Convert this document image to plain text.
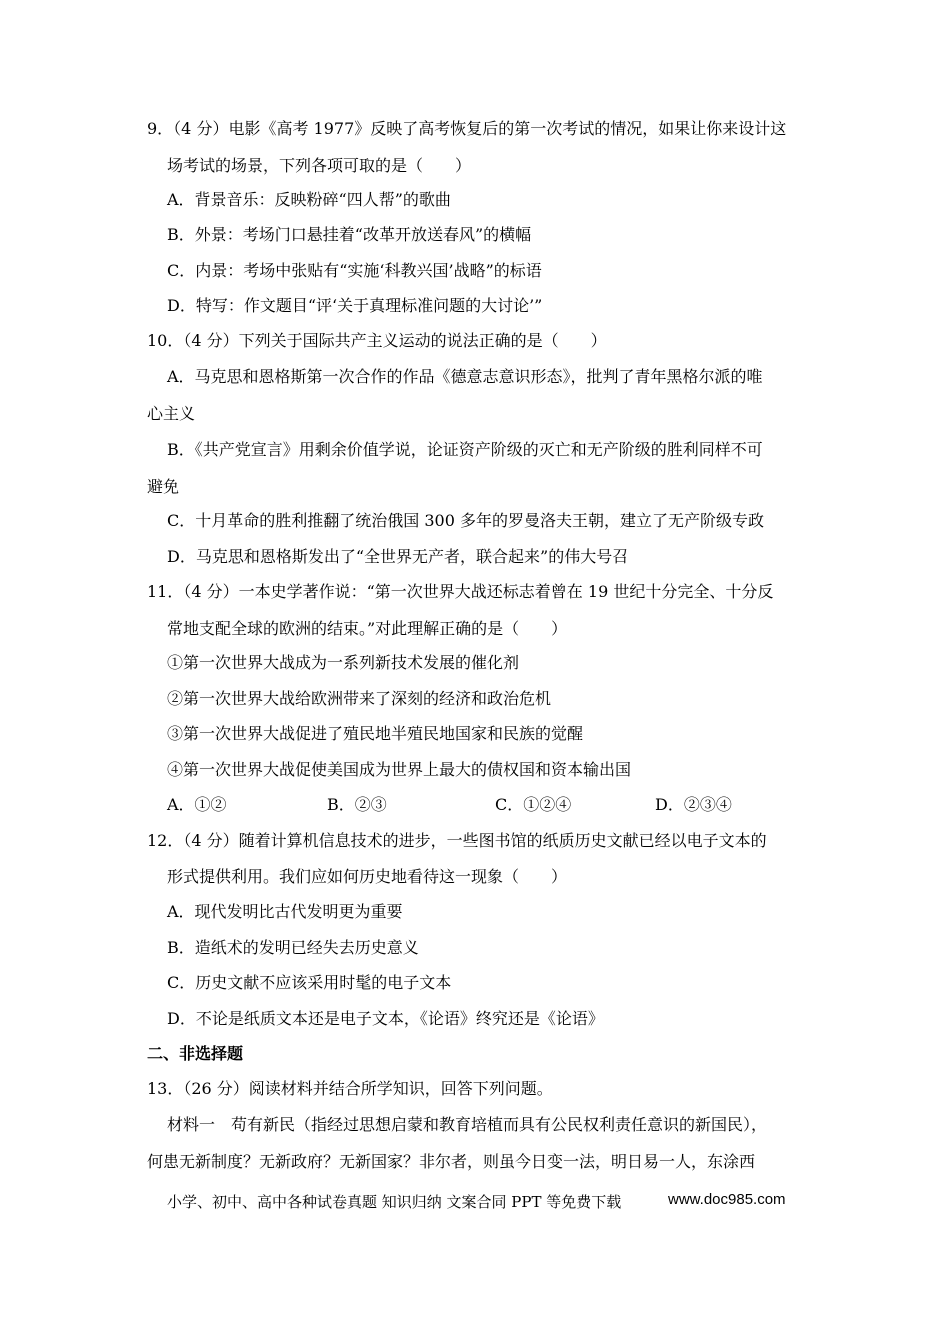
9．（4 分）电影《高考 1977》反映了高考恢复后的第一次考试的情况，如果让你来设计这
场考试的场景，下列各项可取的是（　　）
A．背景音乐：反映粉碎“四人帮”的歌曲
B．外景：考场门口悬挂着“改革开放送春风”的横幅
C．内景：考场中张贴有“实施‘科教兴国’战略”的标语
D．特写：作文题目“评‘关于真理标准问题的大讨论’”
10．（4 分）下列关于国际共产主义运动的说法正确的是（　　）
A．马克思和恩格斯第一次合作的作品《德意志意识形态》，批判了青年黑格尔派的唯
心主义
B．《共产党宣言》用剩余价值学说，论证资产阶级的灭亡和无产阶级的胜利同样不可
避免
C．十月革命的胜利推翻了统治俄国 300 多年的罗曼洛夫王朝，建立了无产阶级专政
D．马克思和恩格斯发出了“全世界无产者，联合起来”的伟大号召
11．（4 分）一本史学著作说：“第一次世界大战还标志着曾在 19 世纪十分完全、十分反
常地支配全球的欧洲的结束。”对此理解正确的是（　　）
①第一次世界大战成为一系列新技术发展的催化剂
②第一次世界大战给欧洲带来了深刻的经济和政治危机
③第一次世界大战促进了殖民地半殖民地国家和民族的觉醒
④第一次世界大战促使美国成为世界上最大的债权国和资本输出国
A．①②	B．②③	C．①②④	D．②③④
12．（4 分）随着计算机信息技术的进步，一些图书馆的纸质历史文献已经以电子文本的
形式提供利用。我们应如何历史地看待这一现象（　　）
A．现代发明比古代发明更为重要
B．造纸术的发明已经失去历史意义
C．历史文献不应该采用时髦的电子文本
D．不论是纸质文本还是电子文本，《论语》终究还是《论语》
二、非选择题
13．（26 分）阅读材料并结合所学知识，回答下列问题。
材料一　苟有新民（指经过思想启蒙和教育培植而具有公民权利责任意识的新国民），
何患无新制度？无新政府？无新国家？非尔者，则虽今日变一法，明日易一人，东涂西
小学、初中、高中各种试卷真题 知识归纳 文案合同 PPT 等免费下载	www.doc985.com
